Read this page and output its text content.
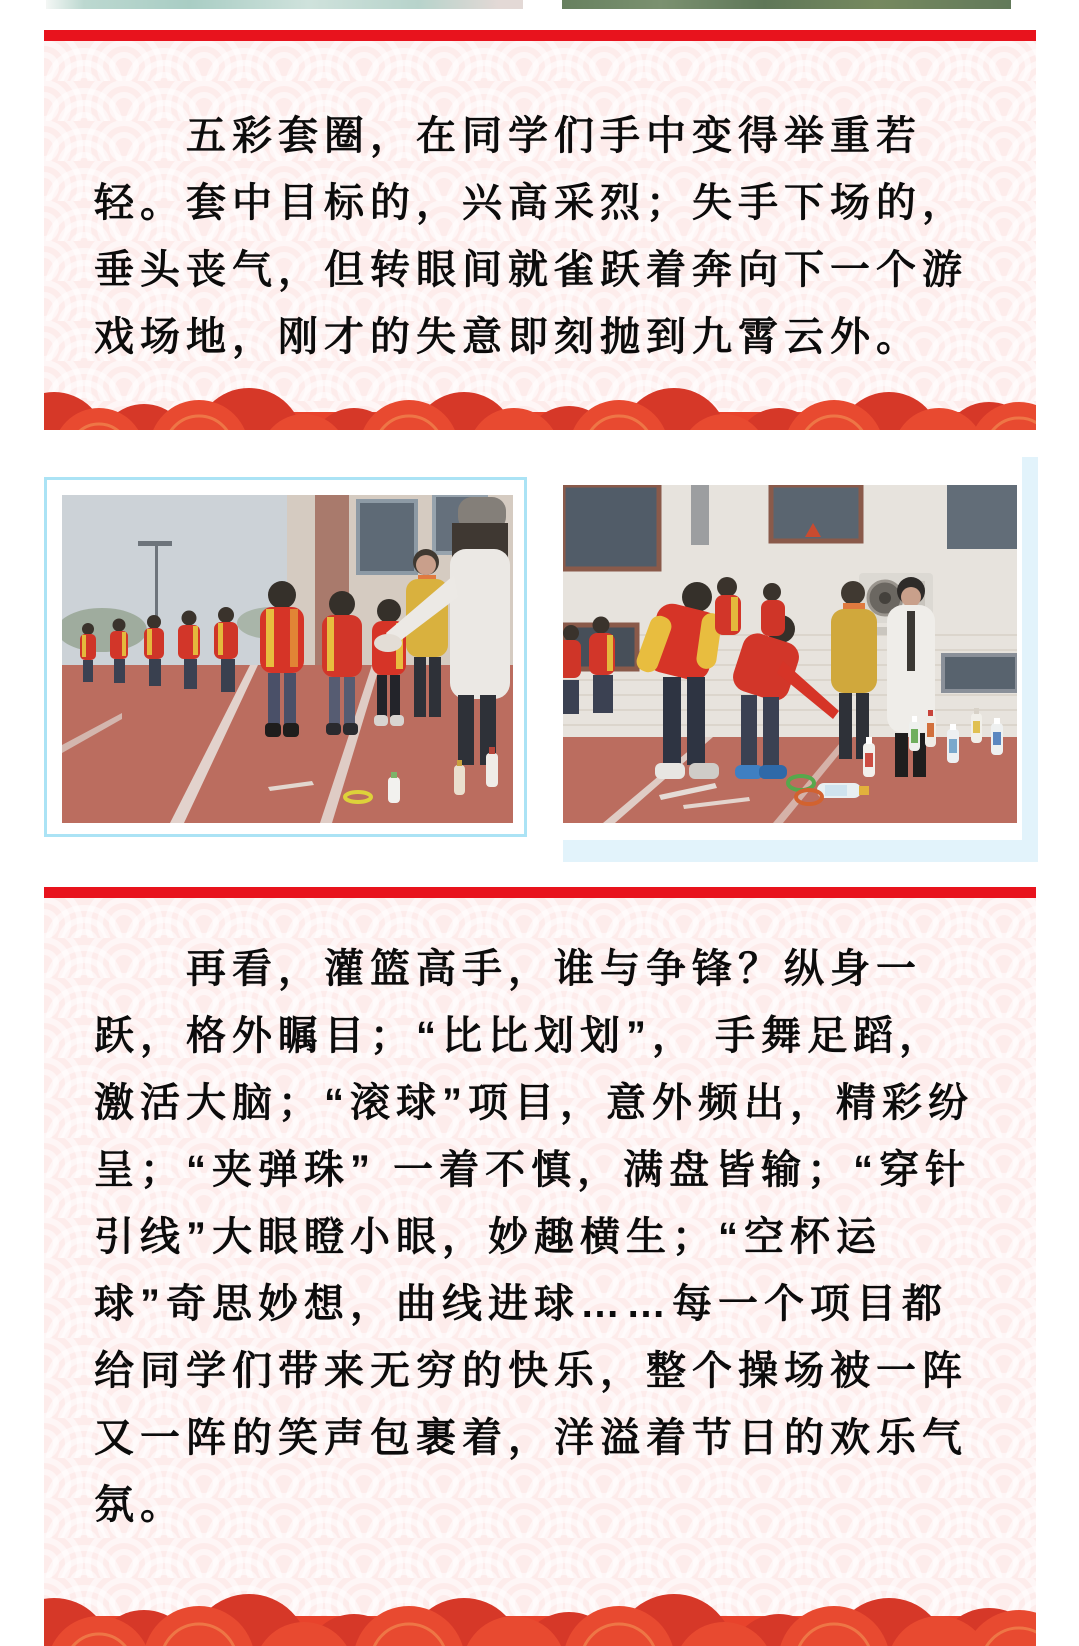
五彩套圈，在同学们手中变得举重若轻。套中目标的，兴高采烈；失手下场的，垂头丧气，但转眼间就雀跃着奔向下一个游戏场地，刚才的失意即刻抛到九霄云外。

再看，灌篮高手，谁与争锋？纵身一跃，格外瞩目；“比比划划”， 手舞足蹈，激活大脑；“滚球”项目，意外频出，精彩纷呈；“夹弹珠” 一着不慎，满盘皆输；“穿针引线”大眼瞪小眼，妙趣横生；“空杯运球”奇思妙想，曲线进球……每一个项目都给同学们带来无穷的快乐，整个操场被一阵又一阵的笑声包裹着，洋溢着节日的欢乐气氛。
